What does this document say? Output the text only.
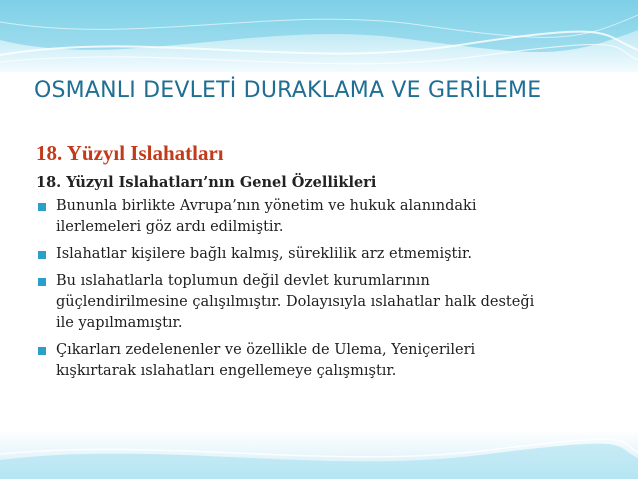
OSMANLI DEVLETİ DURAKLAMA VE GERİLEME
18. Yüzyıl Islahatları
18. Yüzyıl Islahatları’nın Genel Özellikleri
Bununla birlikte Avrupa’nın yönetim ve hukuk alanındaki
ilerlemeleri göz ardı edilmiştir.
Islahatlar kişilere bağlı kalmış, süreklilik arz etmemiştir.
Bu ıslahatlarla toplumun değil devlet kurumlarının
güçlendirilmesine çalışılmıştır. Dolayısıyla ıslahatlar halk desteği
ile yapılmamıştır.
Çıkarları zedelenenler ve özellikle de Ulema, Yeniçerileri
kışkırtarak ıslahatları engellemeye çalışmıştır.
